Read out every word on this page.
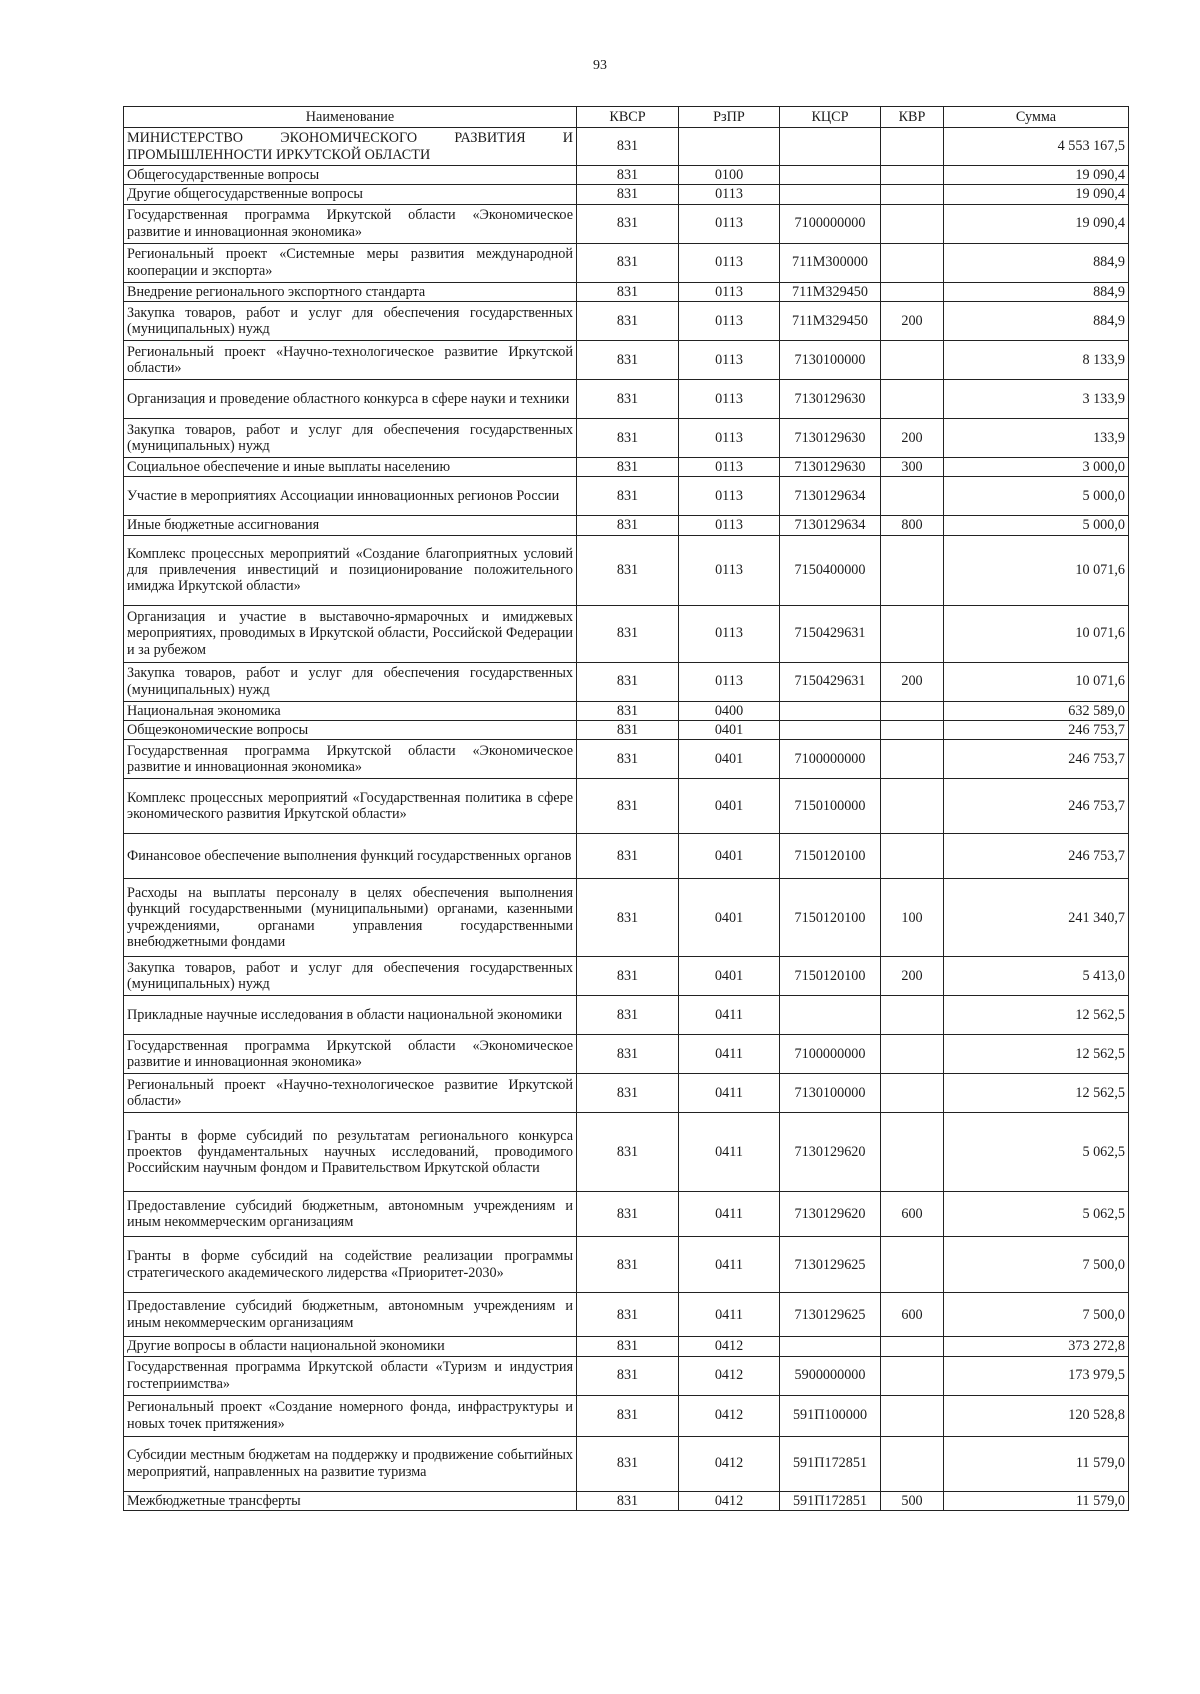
93
Наименование	КВСР	РзПР	КЦСР	КВР	Сумма
МИНИСТЕРСТВО ЭКОНОМИЧЕСКОГО РАЗВИТИЯ И ПРОМЫШЛЕННОСТИ ИРКУТСКОЙ ОБЛАСТИ	831				4 553 167,5
Общегосударственные вопросы	831	0100			19 090,4
Другие общегосударственные вопросы	831	0113			19 090,4
Государственная программа Иркутской области «Экономическое развитие и инновационная экономика»	831	0113	7100000000		19 090,4
Региональный проект «Системные меры развития международной кооперации и экспорта»	831	0113	711M300000		884,9
Внедрение регионального экспортного стандарта	831	0113	711M329450		884,9
Закупка товаров, работ и услуг для обеспечения государственных (муниципальных) нужд	831	0113	711M329450	200	884,9
Региональный проект «Научно-технологическое развитие Иркутской области»	831	0113	7130100000		8 133,9
Организация и проведение областного конкурса в сфере науки и техники	831	0113	7130129630		3 133,9
Закупка товаров, работ и услуг для обеспечения государственных (муниципальных) нужд	831	0113	7130129630	200	133,9
Социальное обеспечение и иные выплаты населению	831	0113	7130129630	300	3 000,0
Участие в мероприятиях Ассоциации инновационных регионов России	831	0113	7130129634		5 000,0
Иные бюджетные ассигнования	831	0113	7130129634	800	5 000,0
Комплекс процессных мероприятий «Создание благоприятных условий для привлечения инвестиций и позиционирование положительного имиджа Иркутской области»	831	0113	7150400000		10 071,6
Организация и участие в выставочно-ярмарочных и имиджевых мероприятиях, проводимых в Иркутской области, Российской Федерации и за рубежом	831	0113	7150429631		10 071,6
Закупка товаров, работ и услуг для обеспечения государственных (муниципальных) нужд	831	0113	7150429631	200	10 071,6
Национальная экономика	831	0400			632 589,0
Общеэкономические вопросы	831	0401			246 753,7
Государственная программа Иркутской области «Экономическое развитие и инновационная экономика»	831	0401	7100000000		246 753,7
Комплекс процессных мероприятий «Государственная политика в сфере экономического развития Иркутской области»	831	0401	7150100000		246 753,7
Финансовое обеспечение выполнения функций государственных органов	831	0401	7150120100		246 753,7
Расходы на выплаты персоналу в целях обеспечения выполнения функций государственными (муниципальными) органами, казенными учреждениями, органами управления государственными внебюджетными фондами	831	0401	7150120100	100	241 340,7
Закупка товаров, работ и услуг для обеспечения государственных (муниципальных) нужд	831	0401	7150120100	200	5 413,0
Прикладные научные исследования в области национальной экономики	831	0411			12 562,5
Государственная программа Иркутской области «Экономическое развитие и инновационная экономика»	831	0411	7100000000		12 562,5
Региональный проект «Научно-технологическое развитие Иркутской области»	831	0411	7130100000		12 562,5
Гранты в форме субсидий по результатам регионального конкурса проектов фундаментальных научных исследований, проводимого Российским научным фондом и Правительством Иркутской области	831	0411	7130129620		5 062,5
Предоставление субсидий бюджетным, автономным учреждениям и иным некоммерческим организациям	831	0411	7130129620	600	5 062,5
Гранты в форме субсидий на содействие реализации программы стратегического академического лидерства «Приоритет-2030»	831	0411	7130129625		7 500,0
Предоставление субсидий бюджетным, автономным учреждениям и иным некоммерческим организациям	831	0411	7130129625	600	7 500,0
Другие вопросы в области национальной экономики	831	0412			373 272,8
Государственная программа Иркутской области «Туризм и индустрия гостеприимства»	831	0412	5900000000		173 979,5
Региональный проект «Создание номерного фонда, инфраструктуры и новых точек притяжения»	831	0412	591П100000		120 528,8
Субсидии местным бюджетам на поддержку и продвижение событийных мероприятий, направленных на развитие туризма	831	0412	591П172851		11 579,0
Межбюджетные трансферты	831	0412	591П172851	500	11 579,0
